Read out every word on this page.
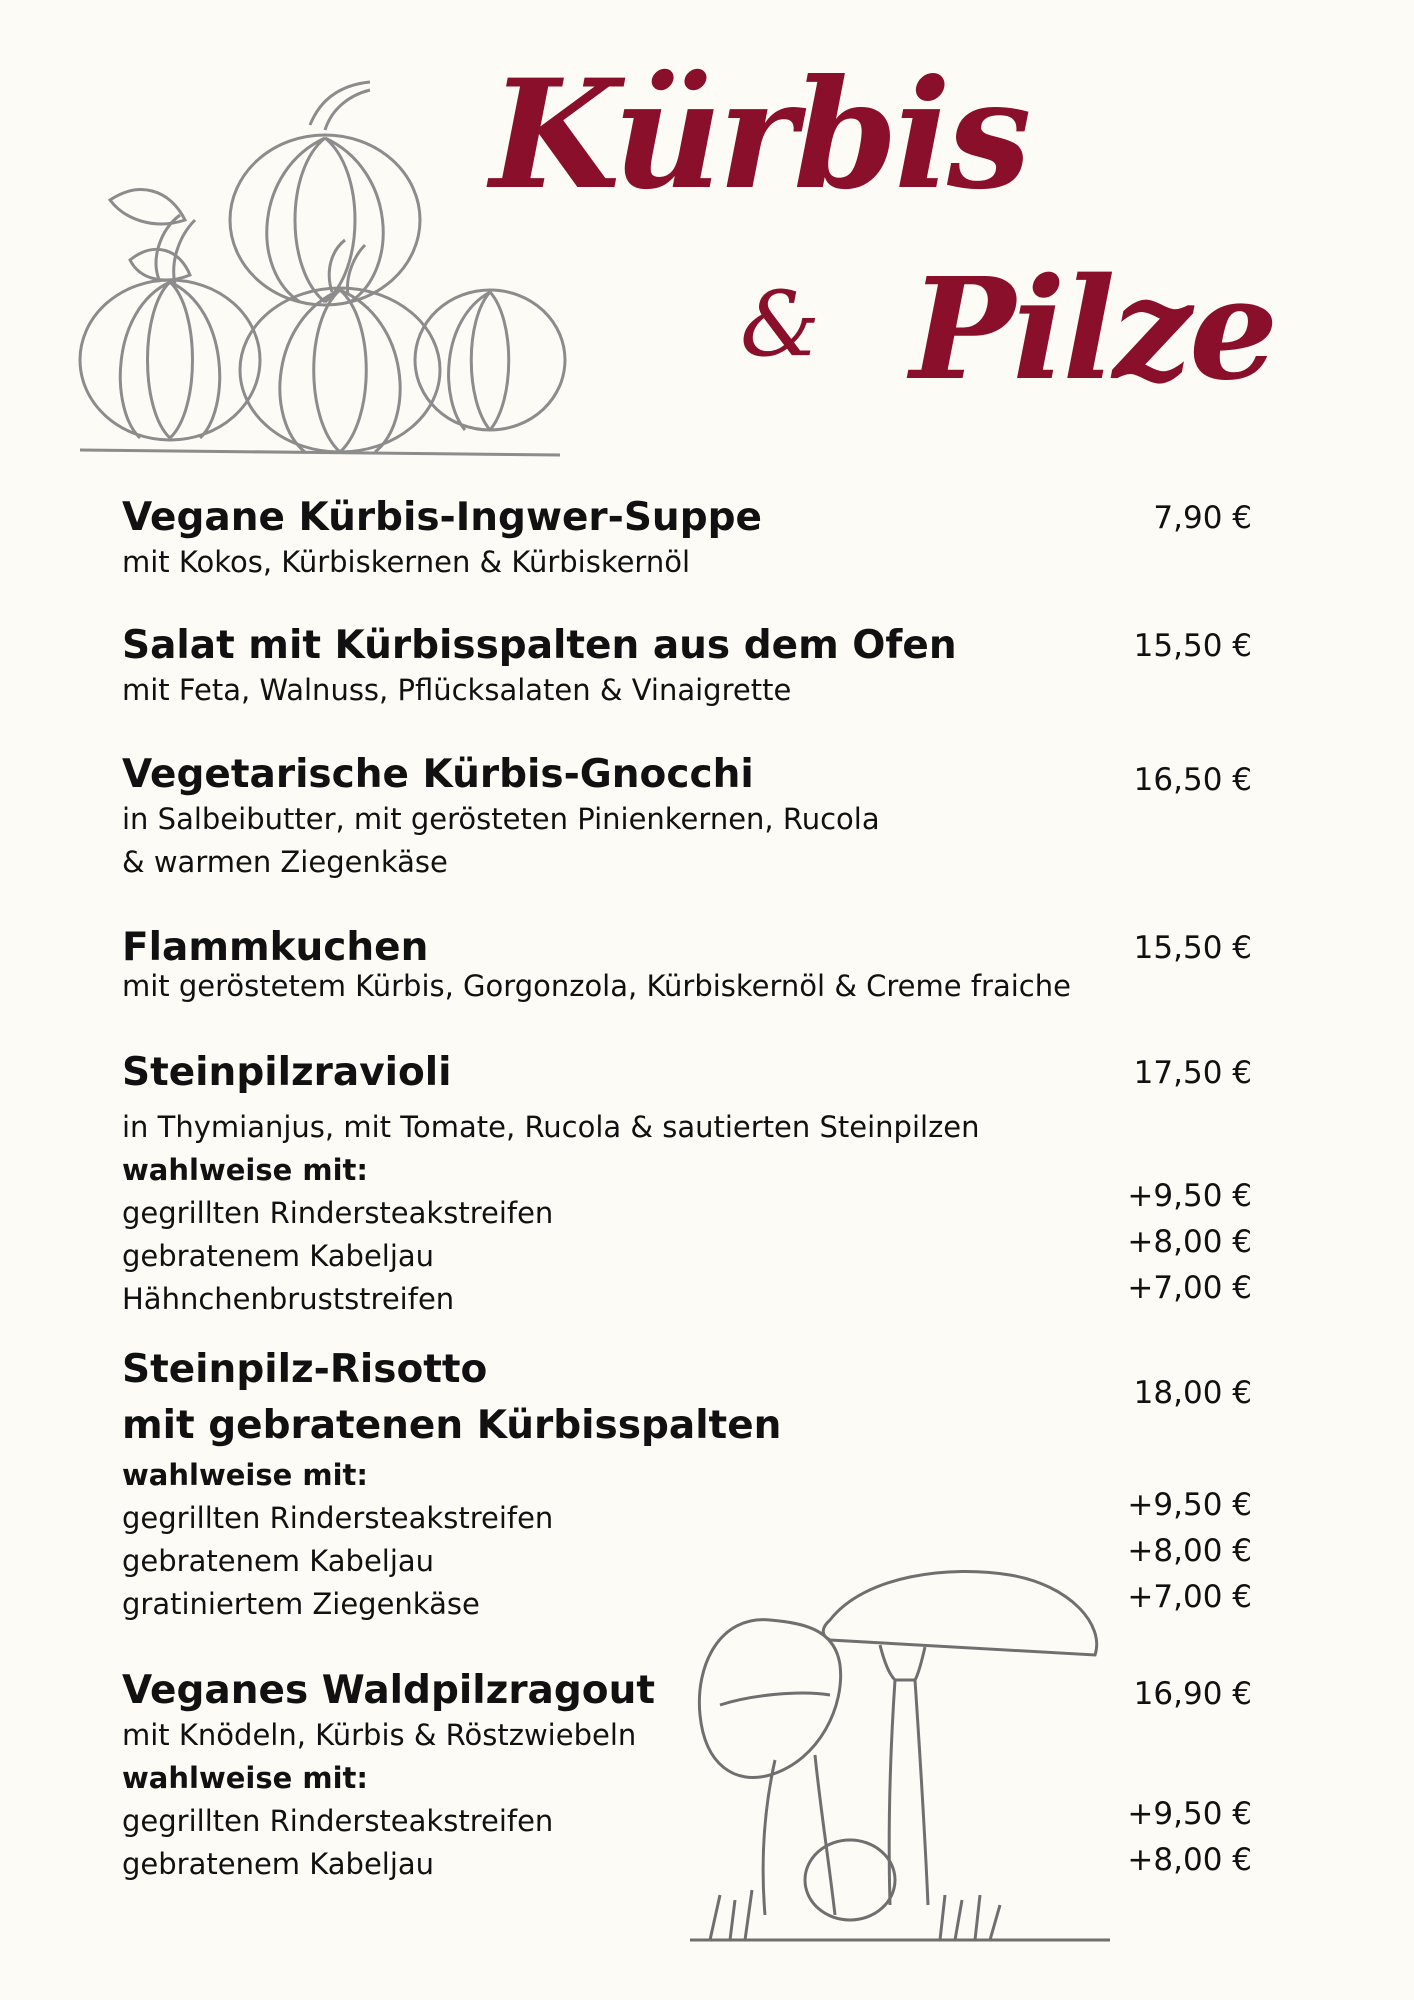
Kürbis
& Pilze
Vegane Kürbis-Ingwer-Suppe
mit Kokos, Kürbiskernen & Kürbiskernöl
7,90 €
Salat mit Kürbisspalten aus dem Ofen
mit Feta, Walnuss, Pflücksalaten & Vinaigrette
15,50 €
Vegetarische Kürbis-Gnocchi
in Salbeibutter, mit gerösteten Pinienkernen, Rucola
& warmen Ziegenkäse
16,50 €
Flammkuchen
mit geröstetem Kürbis, Gorgonzola, Kürbiskernöl & Creme fraiche
15,50 €
Steinpilzravioli
in Thymianjus, mit Tomate, Rucola & sautierten Steinpilzen
wahlweise mit:
gegrillten Rindersteakstreifen
gebratenem Kabeljau
Hähnchenbruststreifen
17,50 €
+9,50 €
+8,00 €
+7,00 €
Steinpilz-Risotto
mit gebratenen Kürbisspalten
wahlweise mit:
gegrillten Rindersteakstreifen
gebratenem Kabeljau
gratiniertem Ziegenkäse
18,00 €
+9,50 €
+8,00 €
+7,00 €
Veganes Waldpilzragout
mit Knödeln, Kürbis & Röstzwiebeln
wahlweise mit:
gegrillten Rindersteakstreifen
gebratenem Kabeljau
16,90 €
+9,50 €
+8,00 €
